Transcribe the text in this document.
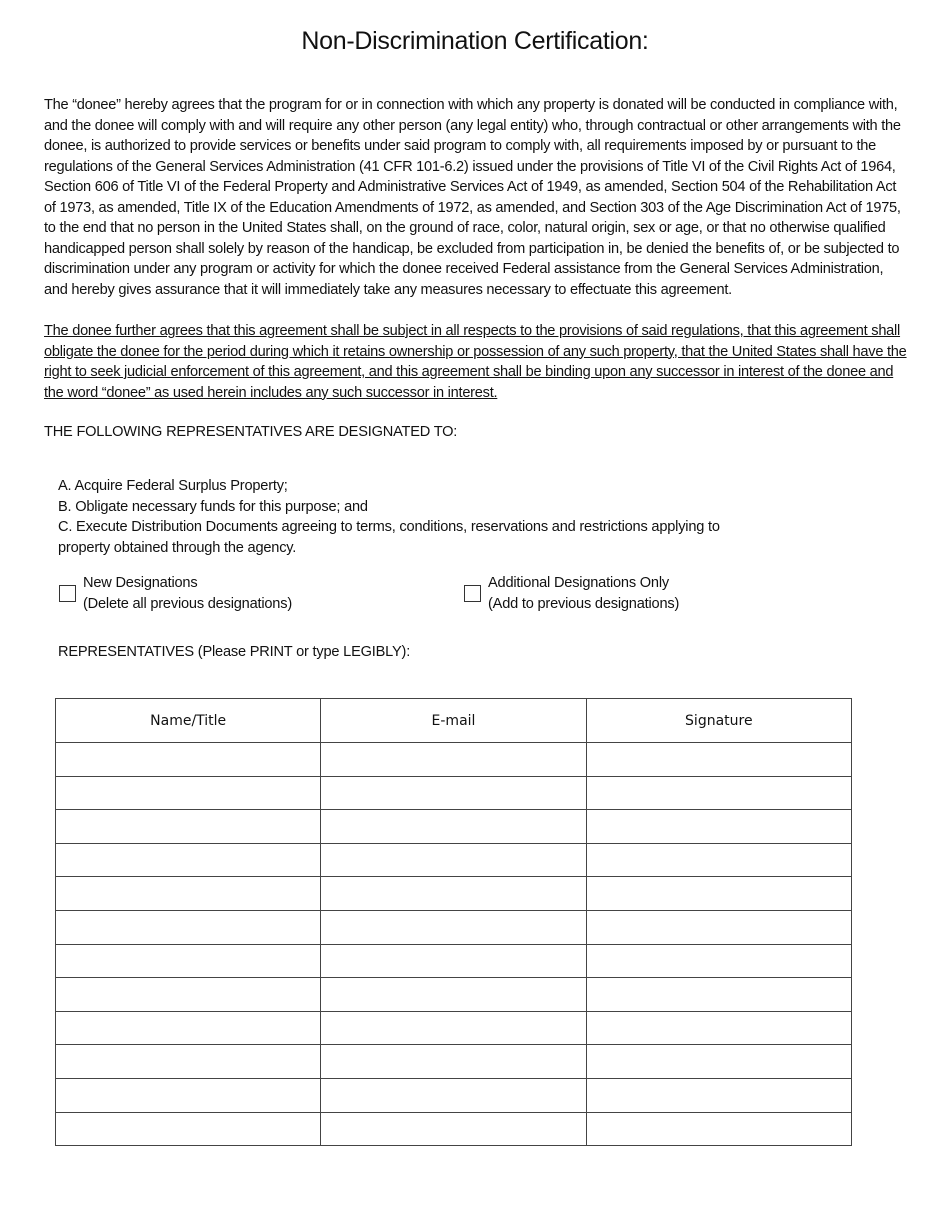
Non-Discrimination Certification:

The “donee” hereby agrees that the program for or in connection with which any property is donated will be conducted in compliance with, and the donee will comply with and will require any other person (any legal entity) who, through contractual or other arrangements with the donee, is authorized to provide services or benefits under said program to comply with, all requirements imposed by or pursuant to the regulations of the General Services Administration (41 CFR 101-6.2) issued under the provisions of Title VI of the Civil Rights Act of 1964, Section 606 of Title VI of the Federal Property and Administrative Services Act of 1949, as amended, Section 504 of the Rehabilitation Act of 1973, as amended, Title IX of the Education Amendments of 1972, as amended, and Section 303 of the Age Discrimination Act of 1975, to the end that no person in the United States shall, on the ground of race, color, natural origin, sex or age, or that no otherwise qualified handicapped person shall solely by reason of the handicap, be excluded from participation in, be denied the benefits of, or be subjected to discrimination under any program or activity for which the donee received Federal assistance from the General Services Administration, and hereby gives assurance that it will immediately take any measures necessary to effectuate this agreement.

The donee further agrees that this agreement shall be subject in all respects to the provisions of said regulations, that this agreement shall obligate the donee for the period during which it retains ownership or possession of any such property, that the United States shall have the right to seek judicial enforcement of this agreement, and this agreement shall be binding upon any successor in interest of the donee and the word “donee” as used herein includes any such successor in interest.

THE FOLLOWING REPRESENTATIVES ARE DESIGNATED TO:
A. Acquire Federal Surplus Property;
B. Obligate necessary funds for this purpose; and
C. Execute Distribution Documents agreeing to terms, conditions, reservations and restrictions applying to property obtained through the agency.
New Designations
(Delete all previous designations)
Additional Designations Only
(Add to previous designations)
REPRESENTATIVES (Please PRINT or type LEGIBLY):
Name/Title	E-mail	Signature
